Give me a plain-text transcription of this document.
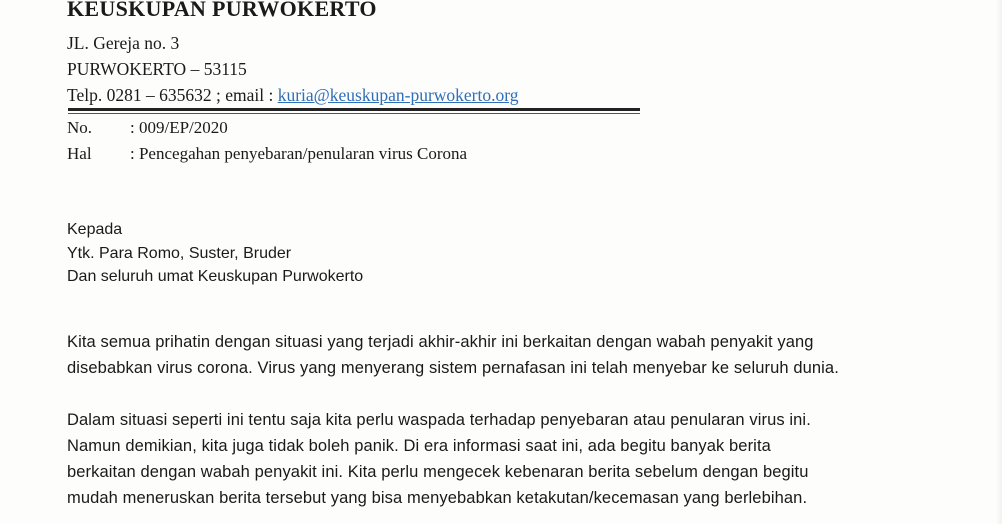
KEUSKUPAN PURWOKERTO
JL. Gereja no. 3
PURWOKERTO – 53115
Telp. 0281 – 635632 ; email : kuria@keuskupan-purwokerto.org
No. : 009/EP/2020
Hal : Pencegahan penyebaran/penularan virus Corona
Kepada
Ytk. Para Romo, Suster, Bruder
Dan seluruh umat Keuskupan Purwokerto
Kita semua prihatin dengan situasi yang terjadi akhir-akhir ini berkaitan dengan wabah penyakit yang
disebabkan virus corona. Virus yang menyerang sistem pernafasan ini telah menyebar ke seluruh dunia.
Dalam situasi seperti ini tentu saja kita perlu waspada terhadap penyebaran atau penularan virus ini.
Namun demikian, kita juga tidak boleh panik. Di era informasi saat ini, ada begitu banyak berita
berkaitan dengan wabah penyakit ini. Kita perlu mengecek kebenaran berita sebelum dengan begitu
mudah meneruskan berita tersebut yang bisa menyebabkan ketakutan/kecemasan yang berlebihan.
